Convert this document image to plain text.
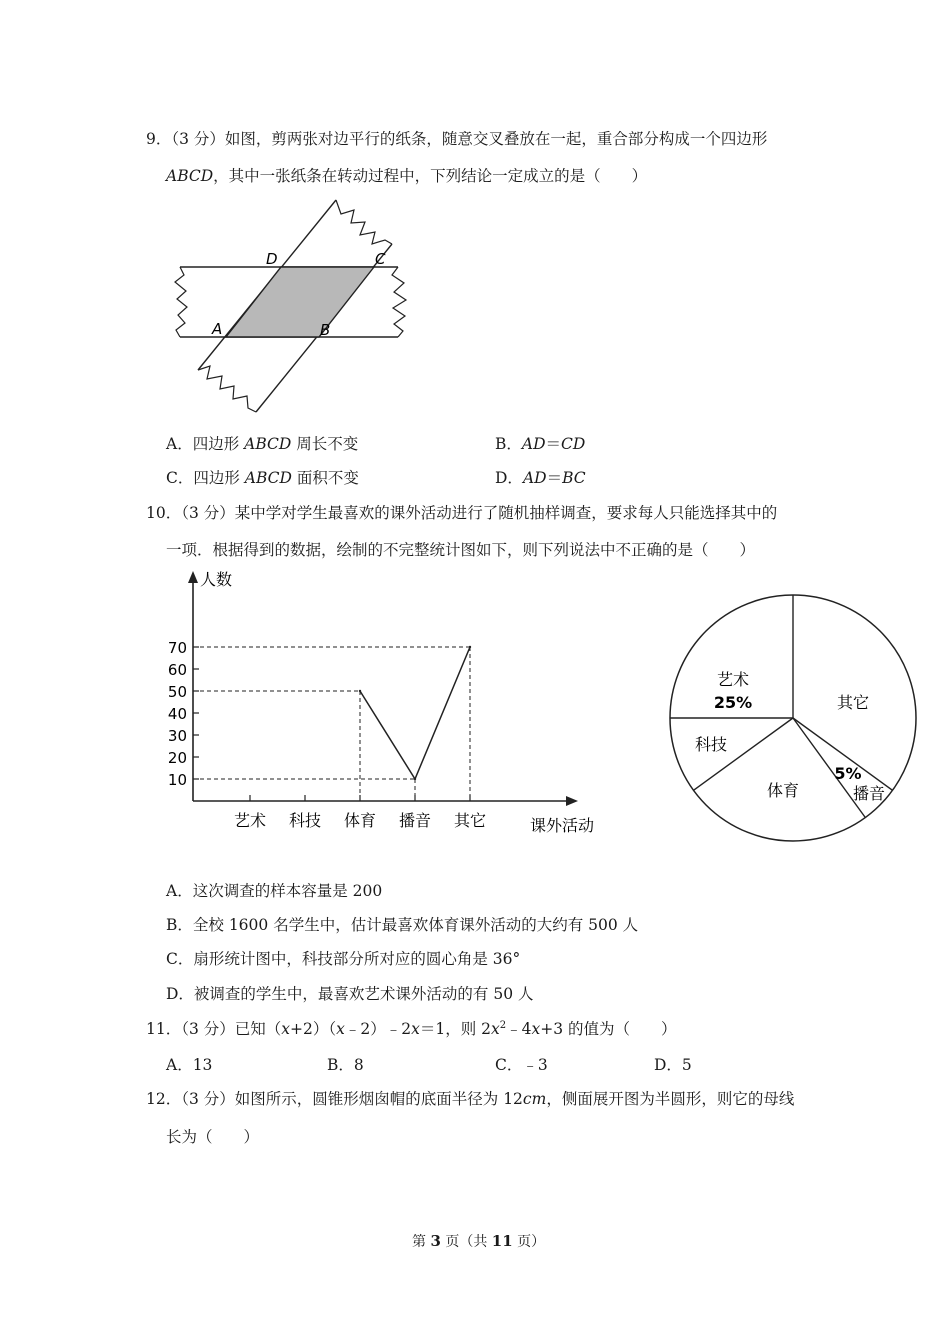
9．（3 分）如图，剪两张对边平行的纸条，随意交叉叠放在一起，重合部分构成一个四边形
ABCD，其中一张纸条在转动过程中，下列结论一定成立的是（　　）
A	B
C
D
A．四边形 ABCD 周长不变	B．AD＝CD
C．四边形 ABCD 面积不变	D．AD＝BC
10．（3 分）某中学对学生最喜欢的课外活动进行了随机抽样调查，要求每人只能选择其中的
一项．根据得到的数据，绘制的不完整统计图如下，则下列说法中不正确的是（　　）
人数
课外活动
10
20
30
40
50
60
70
艺术 科技 体育 播音 其它
其它
播音
体育
科技
艺术
25%
5%
A．这次调查的样本容量是 200
B．全校 1600 名学生中，估计最喜欢体育课外活动的大约有 500 人
C．扇形统计图中，科技部分所对应的圆心角是 36°
D．被调查的学生中，最喜欢艺术课外活动的有 50 人
11．（3 分）已知（x+2）（x﹣2）﹣2x＝1，则 $2x^2﹣4x+3$ 的值为（　　）
A．13	B．8	C．﹣3	D．5
12．（3 分）如图所示，圆锥形烟囱帽的底面半径为 12cm，侧面展开图为半圆形，则它的母线
长为（　　）
第 3 页（共 11 页）
